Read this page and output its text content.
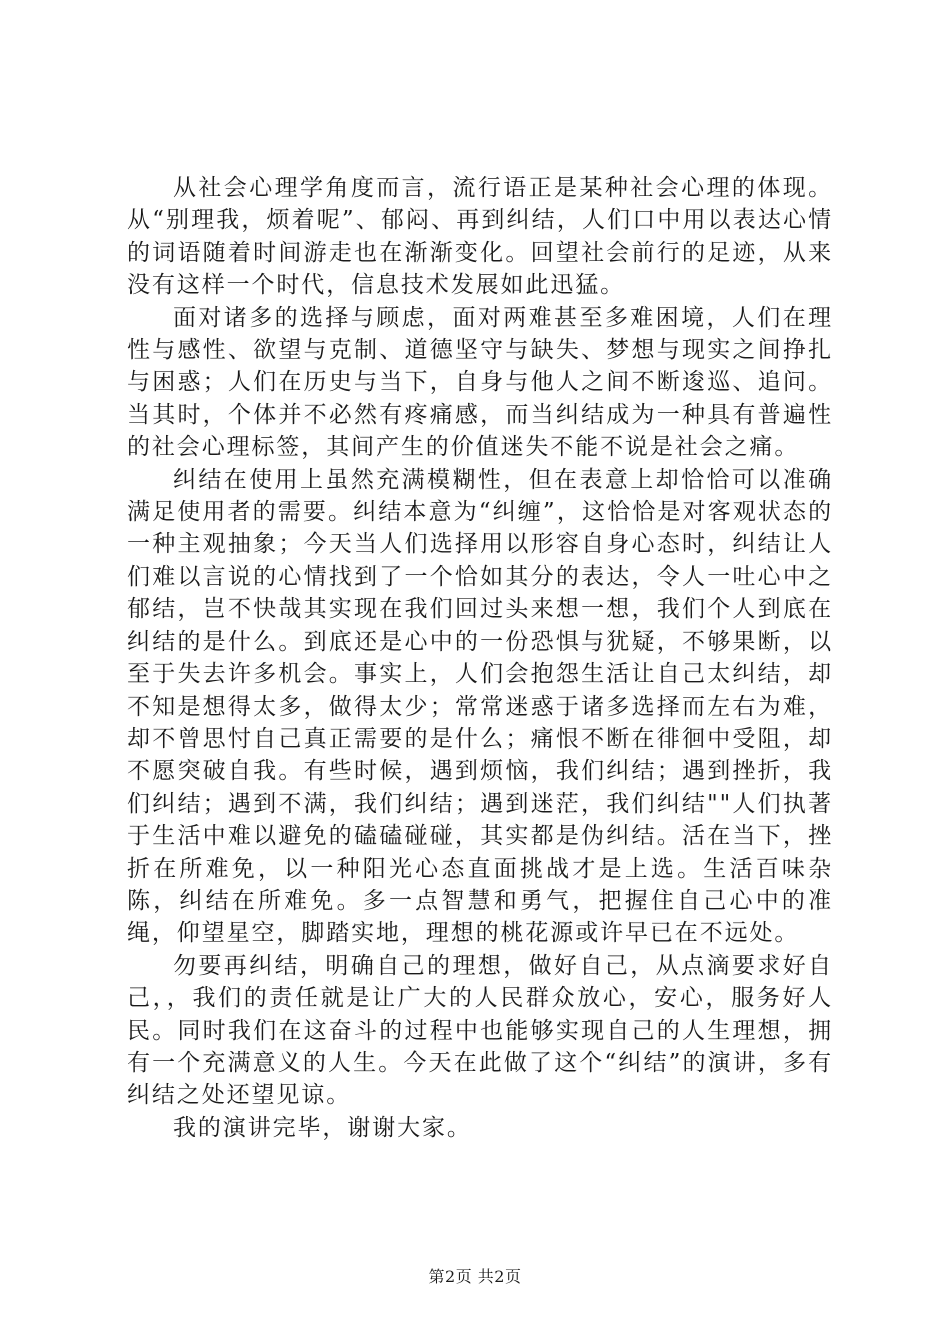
从社会心理学角度而言，流行语正是某种社会心理的体现。从“别理我，烦着呢”、郁闷、再到纠结，人们口中用以表达心情的词语随着时间游走也在渐渐变化。回望社会前行的足迹，从来没有这样一个时代，信息技术发展如此迅猛。

面对诸多的选择与顾虑，面对两难甚至多难困境，人们在理性与感性、欲望与克制、道德坚守与缺失、梦想与现实之间挣扎与困惑；人们在历史与当下，自身与他人之间不断逡巡、追问。当其时，个体并不必然有疼痛感，而当纠结成为一种具有普遍性的社会心理标签，其间产生的价值迷失不能不说是社会之痛。

纠结在使用上虽然充满模糊性，但在表意上却恰恰可以准确满足使用者的需要。纠结本意为“纠缠”，这恰恰是对客观状态的一种主观抽象；今天当人们选择用以形容自身心态时，纠结让人们难以言说的心情找到了一个恰如其分的表达，令人一吐心中之郁结，岂不快哉其实现在我们回过头来想一想，我们个人到底在纠结的是什么。到底还是心中的一份恐惧与犹疑，不够果断，以至于失去许多机会。事实上，人们会抱怨生活让自己太纠结，却不知是想得太多，做得太少；常常迷惑于诸多选择而左右为难，却不曾思忖自己真正需要的是什么；痛恨不断在徘徊中受阻，却不愿突破自我。有些时候，遇到烦恼，我们纠结；遇到挫折，我们纠结；遇到不满，我们纠结；遇到迷茫，我们纠结""人们执著于生活中难以避免的磕磕碰碰，其实都是伪纠结。活在当下，挫折在所难免，以一种阳光心态直面挑战才是上选。生活百味杂陈，纠结在所难免。多一点智慧和勇气，把握住自己心中的准绳，仰望星空，脚踏实地，理想的桃花源或许早已在不远处。

勿要再纠结，明确自己的理想，做好自己，从点滴要求好自己，，我们的责任就是让广大的人民群众放心，安心，服务好人民。同时我们在这奋斗的过程中也能够实现自己的人生理想，拥有一个充满意义的人生。今天在此做了这个“纠结”的演讲，多有纠结之处还望见谅。

我的演讲完毕，谢谢大家。

第2页 共2页
